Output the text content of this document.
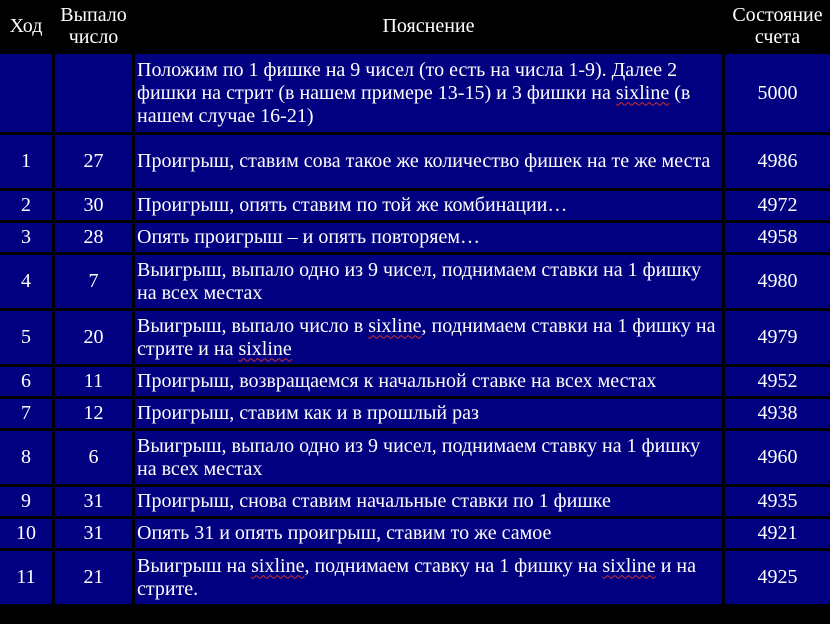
Ход	Выпало число	Пояснение	Состояние счета
		Положим по 1 фишке на 9 чисел (то есть на числа 1-9). Далее 2 фишки на стрит (в нашем примере 13-15) и 3 фишки на sixline (в нашем случае 16-21)	5000
1	27	Проигрыш, ставим сова такое же количество фишек на те же места	4986
2	30	Проигрыш, опять ставим по той же комбинации…	4972
3	28	Опять проигрыш – и опять повторяем…	4958
4	7	Выигрыш, выпало одно из 9 чисел, поднимаем ставки на 1 фишку на всех местах	4980
5	20	Выигрыш, выпало число в sixline, поднимаем ставки на 1 фишку на стрите и на sixline	4979
6	11	Проигрыш, возвращаемся к начальной ставке на всех местах	4952
7	12	Проигрыш, ставим как и в прошлый раз	4938
8	6	Выигрыш, выпало одно из 9 чисел, поднимаем ставку на 1 фишку на всех местах	4960
9	31	Проигрыш, снова ставим начальные ставки по 1 фишке	4935
10	31	Опять 31 и опять проигрыш, ставим то же самое	4921
11	21	Выигрыш на sixline, поднимаем ставку на 1 фишку на sixline и на стрите.	4925
